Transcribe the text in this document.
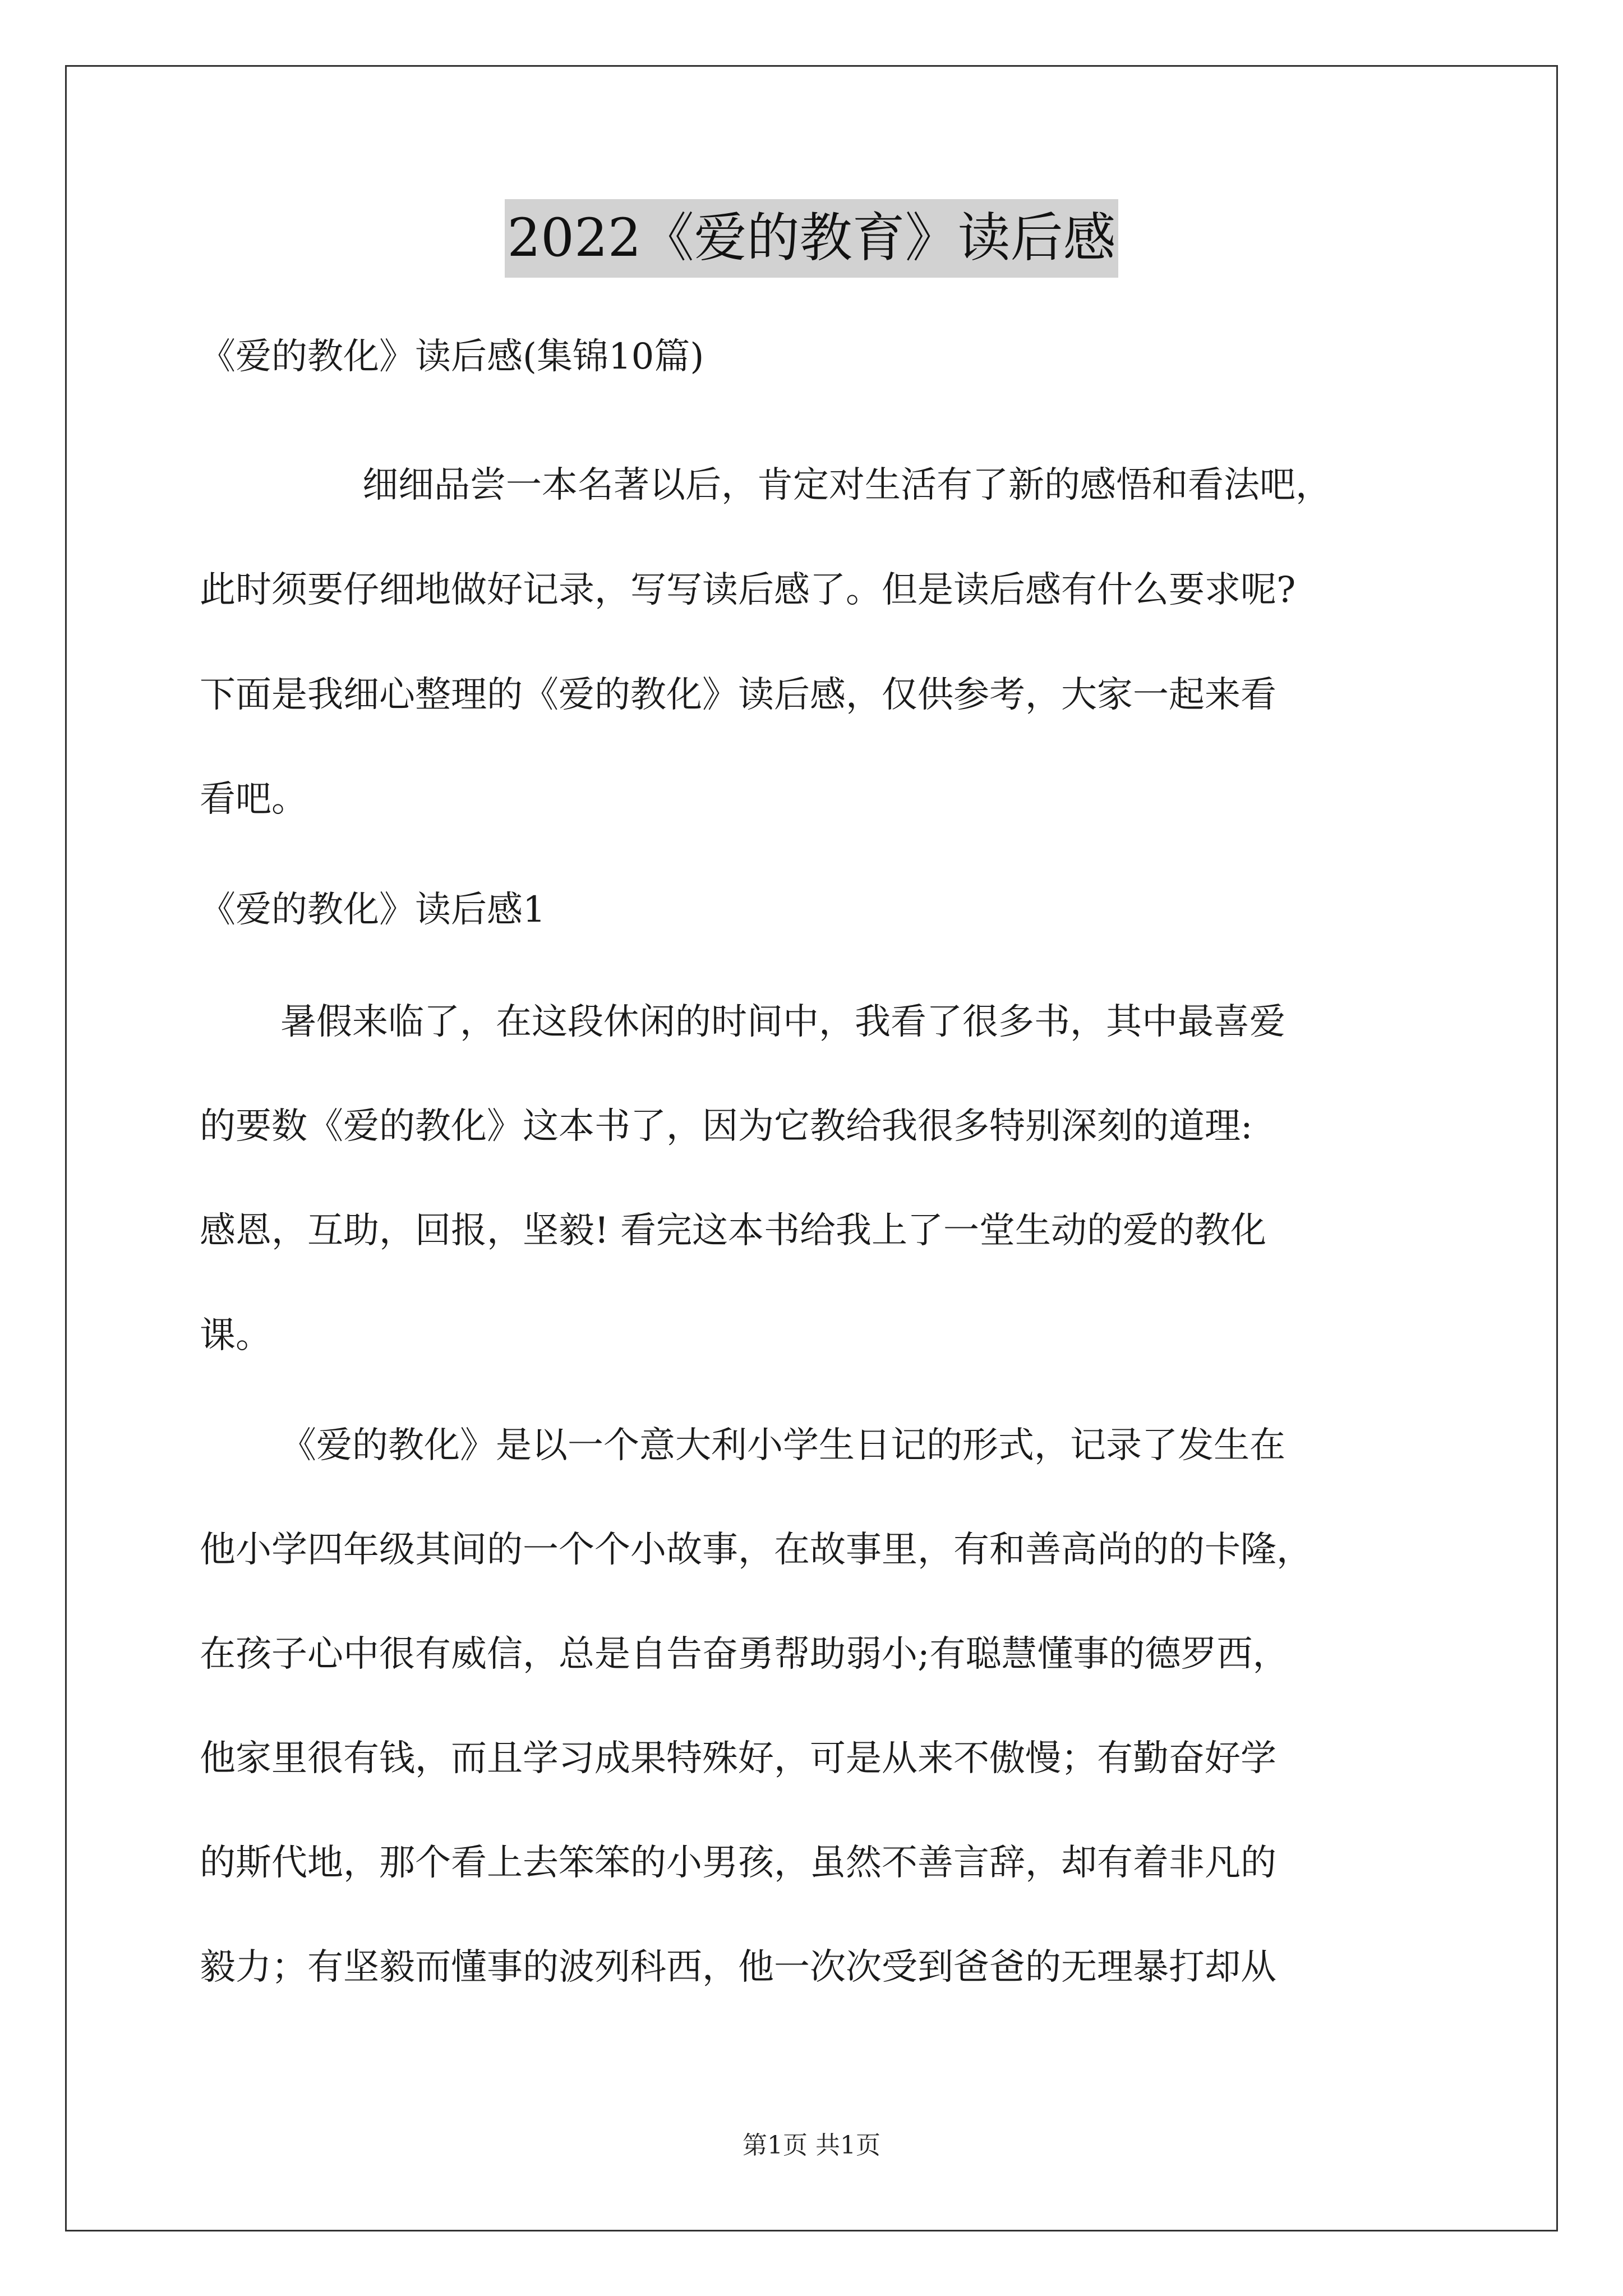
2022《爱的教育》读后感
《爱的教化》读后感(集锦10篇)
细细品尝一本名著以后，肯定对生活有了新的感悟和看法吧，
此时须要仔细地做好记录，写写读后感了。但是读后感有什么要求呢?
下面是我细心整理的《爱的教化》读后感，仅供参考，大家一起来看
看吧。
《爱的教化》读后感1
暑假来临了，在这段休闲的时间中，我看了很多书，其中最喜爱
的要数《爱的教化》这本书了，因为它教给我很多特别深刻的道理:
感恩，互助，回报，坚毅! 看完这本书给我上了一堂生动的爱的教化
课。
《爱的教化》是以一个意大利小学生日记的形式，记录了发生在
他小学四年级其间的一个个小故事，在故事里，有和善高尚的的卡隆，
在孩子心中很有威信，总是自告奋勇帮助弱小;有聪慧懂事的德罗西，
他家里很有钱，而且学习成果特殊好，可是从来不傲慢；有勤奋好学
的斯代地，那个看上去笨笨的小男孩，虽然不善言辞，却有着非凡的
毅力；有坚毅而懂事的波列科西，他一次次受到爸爸的无理暴打却从
第1页 共1页
